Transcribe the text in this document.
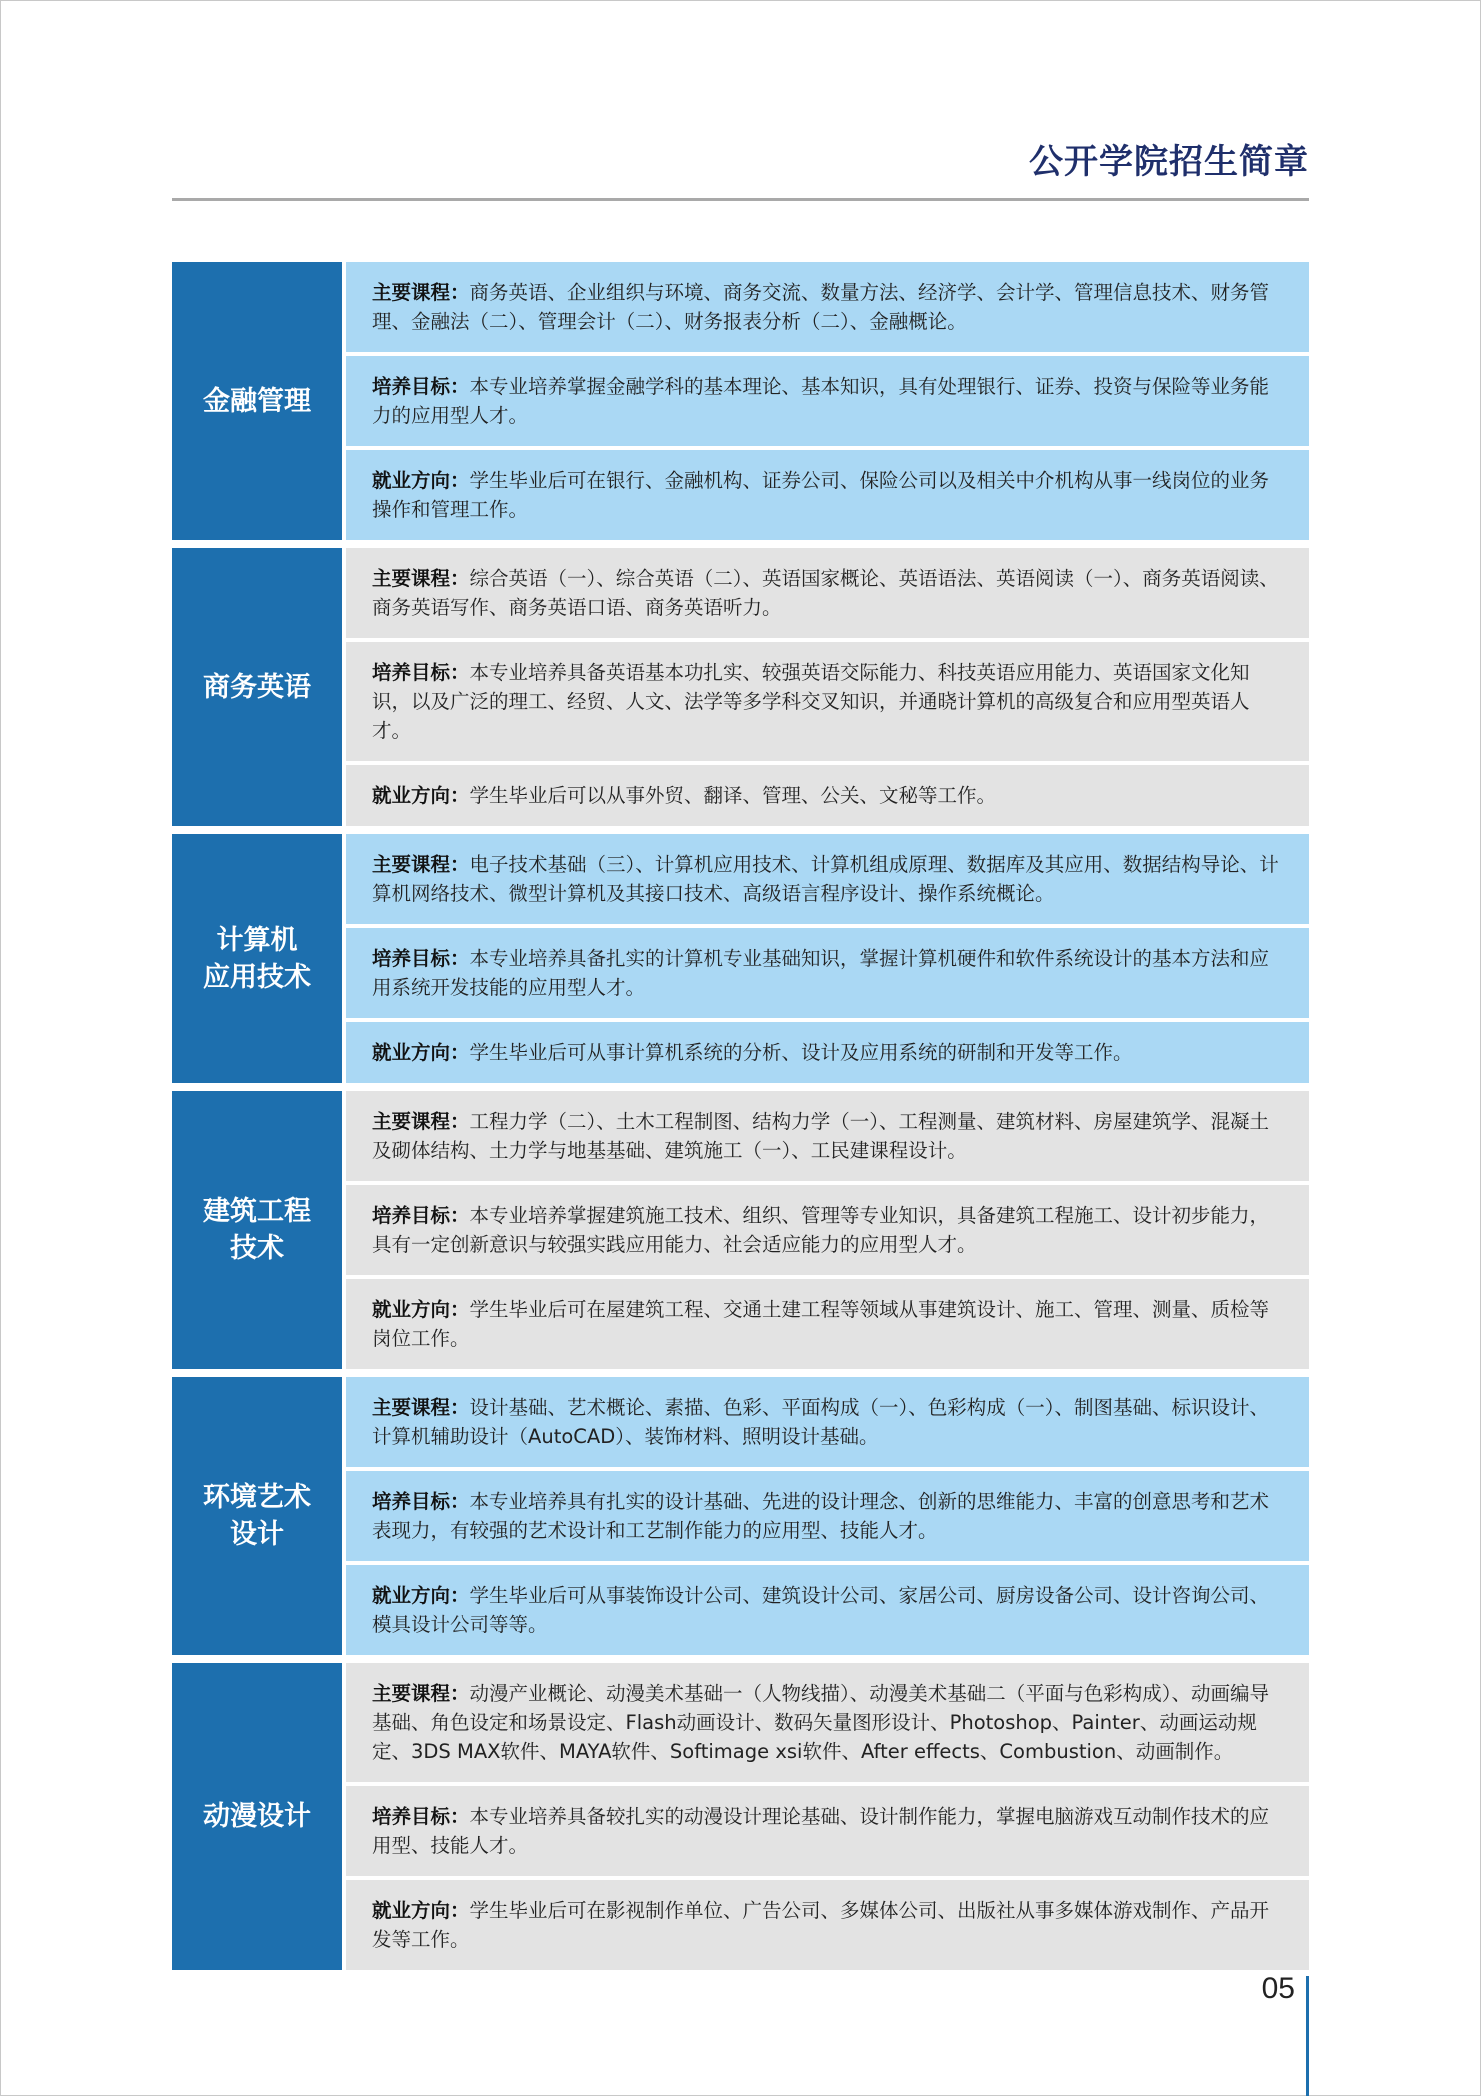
公开学院招生简章
金融管理
主要课程：商务英语、企业组织与环境、商务交流、数量方法、经济学、会计学、管理信息技术、财务管理、金融法（二）、管理会计（二）、财务报表分析（二）、金融概论。
培养目标：本专业培养掌握金融学科的基本理论、基本知识，具有处理银行、证券、投资与保险等业务能力的应用型人才。
就业方向：学生毕业后可在银行、金融机构、证券公司、保险公司以及相关中介机构从事一线岗位的业务操作和管理工作。
商务英语
主要课程：综合英语（一）、综合英语（二）、英语国家概论、英语语法、英语阅读（一）、商务英语阅读、商务英语写作、商务英语口语、商务英语听力。
培养目标：本专业培养具备英语基本功扎实、较强英语交际能力、科技英语应用能力、英语国家文化知识，以及广泛的理工、经贸、人文、法学等多学科交叉知识，并通晓计算机的高级复合和应用型英语人才。
就业方向：学生毕业后可以从事外贸、翻译、管理、公关、文秘等工作。
计算机
应用技术
主要课程：电子技术基础（三）、计算机应用技术、计算机组成原理、数据库及其应用、数据结构导论、计算机网络技术、微型计算机及其接口技术、高级语言程序设计、操作系统概论。
培养目标：本专业培养具备扎实的计算机专业基础知识，掌握计算机硬件和软件系统设计的基本方法和应用系统开发技能的应用型人才。
就业方向：学生毕业后可从事计算机系统的分析、设计及应用系统的研制和开发等工作。
建筑工程
技术
主要课程：工程力学（二）、土木工程制图、结构力学（一）、工程测量、建筑材料、房屋建筑学、混凝土及砌体结构、土力学与地基基础、建筑施工（一）、工民建课程设计。
培养目标：本专业培养掌握建筑施工技术、组织、管理等专业知识，具备建筑工程施工、设计初步能力，具有一定创新意识与较强实践应用能力、社会适应能力的应用型人才。
就业方向：学生毕业后可在屋建筑工程、交通土建工程等领域从事建筑设计、施工、管理、测量、质检等岗位工作。
环境艺术
设计
主要课程：设计基础、艺术概论、素描、色彩、平面构成（一）、色彩构成（一）、制图基础、标识设计、计算机辅助设计（AutoCAD）、装饰材料、照明设计基础。
培养目标：本专业培养具有扎实的设计基础、先进的设计理念、创新的思维能力、丰富的创意思考和艺术表现力，有较强的艺术设计和工艺制作能力的应用型、技能人才。
就业方向：学生毕业后可从事装饰设计公司、建筑设计公司、家居公司、厨房设备公司、设计咨询公司、模具设计公司等等。
动漫设计
主要课程：动漫产业概论、动漫美术基础一（人物线描）、动漫美术基础二（平面与色彩构成）、动画编导基础、角色设定和场景设定、Flash动画设计、数码矢量图形设计、Photoshop、Painter、动画运动规定、3DS MAX软件、MAYA软件、Softimage xsi软件、After effects、Combustion、动画制作。
培养目标：本专业培养具备较扎实的动漫设计理论基础、设计制作能力，掌握电脑游戏互动制作技术的应用型、技能人才。
就业方向：学生毕业后可在影视制作单位、广告公司、多媒体公司、出版社从事多媒体游戏制作、产品开发等工作。
05
